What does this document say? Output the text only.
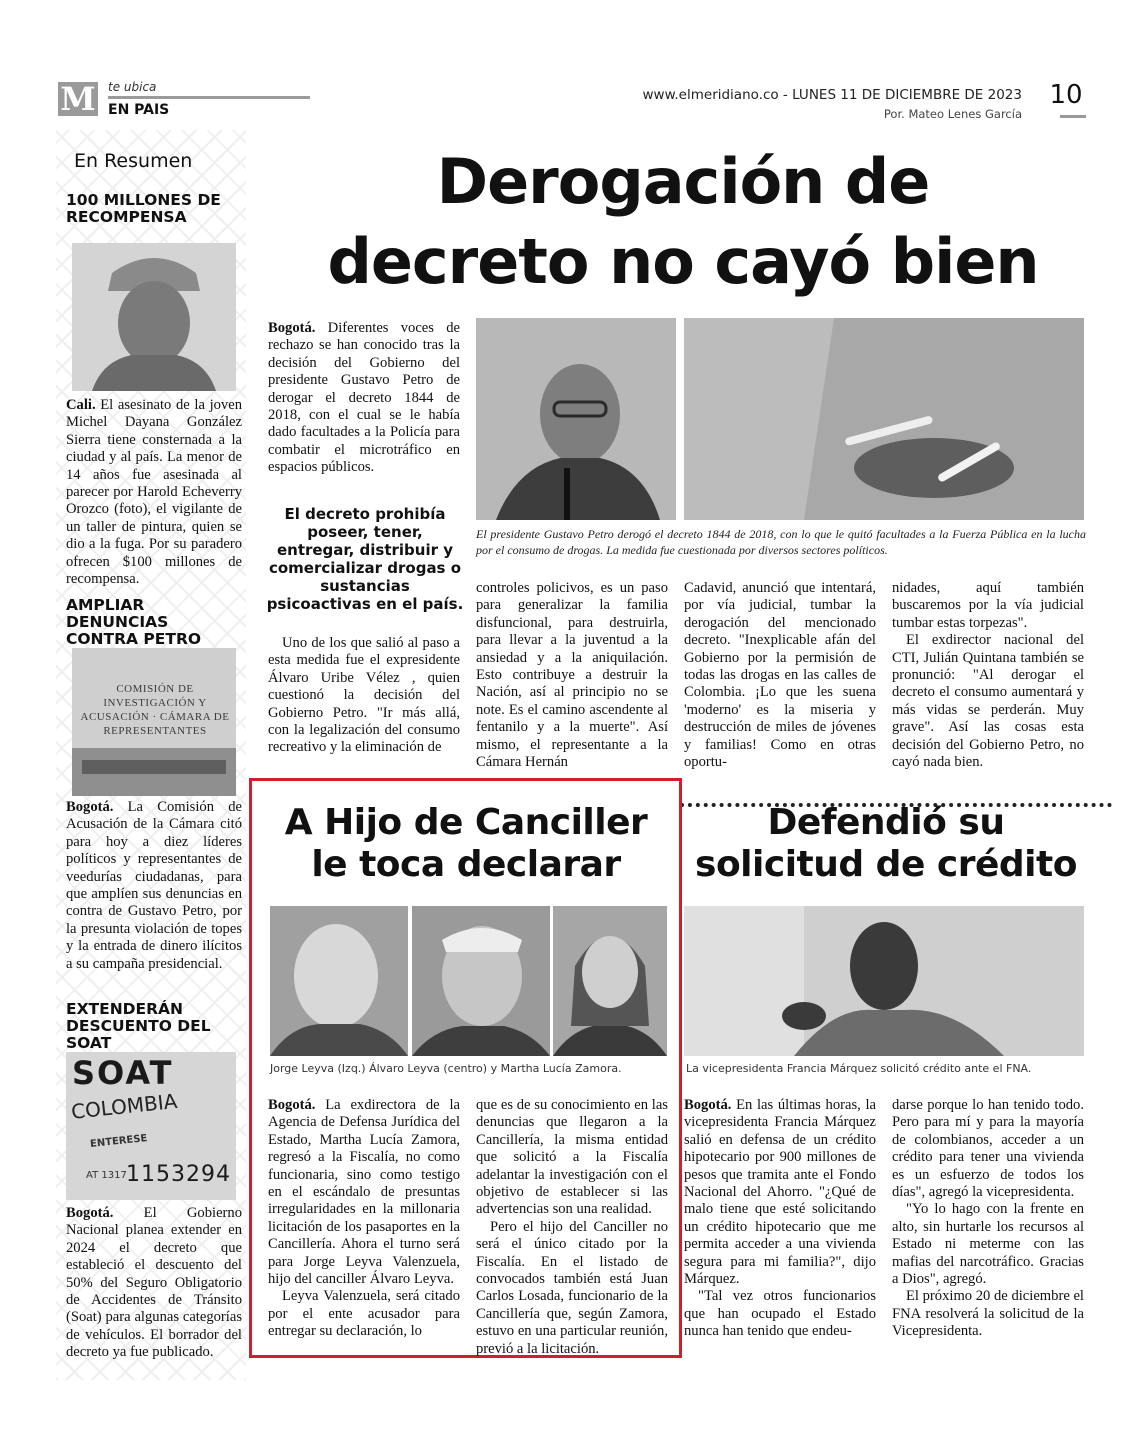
M te ubica
EN PAIS
www.elmeridiano.co - LUNES 11 DE DICIEMBRE DE 2023
Por. Mateo Lenes García
10
En Resumen
100 MILLONES DE RECOMPENSA

Cali. El asesinato de la joven Michel Dayana González Sierra tiene consternada a la ciudad y al país. La menor de 14 años fue asesinada al parecer por Harold Echeverry Orozco (foto), el vigilante de un taller de pintura, quien se dio a la fuga. Por su paradero ofrecen $100 millones de recompensa.

AMPLIAR DENUNCIAS CONTRA PETRO
COMISIÓN DE INVESTIGACIÓN Y ACUSACIÓN · CÁMARA DE REPRESENTANTES

Bogotá. La Comisión de Acusación de la Cámara citó para hoy a diez líderes políticos y representantes de veedurías ciudadanas, para que amplíen sus denuncias en contra de Gustavo Petro, por la presunta violación de topes y la entrada de dinero ilícitos a su campaña presidencial.

EXTENDERÁN DESCUENTO DEL SOAT
SOAT
COLOMBIA
ENTERESE
AT 1317 1153294

Bogotá. El Gobierno Nacional planea extender en 2024 el decreto que estableció el descuento del 50% del Seguro Obligatorio de Accidentes de Tránsito (Soat) para algunas categorías de vehículos. El borrador del decreto ya fue publicado.

Derogación de
decreto no cayó bien

Bogotá. Diferentes voces de rechazo se han conocido tras la decisión del Gobierno del presidente Gustavo Petro de derogar el decreto 1844 de 2018, con el cual se le había dado facultades a la Policía para combatir el microtráfico en espacios públicos.

El decreto prohibía poseer, tener, entregar, distribuir y comercializar drogas o sustancias psicoactivas en el país.
El presidente Gustavo Petro derogó el decreto 1844 de 2018, con lo que le quitó facultades a la Fuerza Pública en la lucha por el consumo de drogas. La medida fue cuestionada por diversos sectores políticos.

Uno de los que salió al paso a esta medida fue el expresidente Álvaro Uribe Vélez , quien cuestionó la decisión del Gobierno Petro. "Ir más allá, con la legalización del consumo recreativo y la eliminación de

controles policivos, es un paso para generalizar la familia disfuncional, para destruirla, para llevar a la juventud a la ansiedad y a la aniquilación. Esto contribuye a destruir la Nación, así al principio no se note. Es el camino ascendente al fentanilo y a la muerte". Así mismo, el representante a la Cámara Hernán

Cadavid, anunció que intentará, por vía judicial, tumbar la derogación del mencionado decreto. "Inexplicable afán del Gobierno por la permisión de todas las drogas en las calles de Colombia. ¡Lo que les suena 'moderno' es la miseria y destrucción de miles de jóvenes y familias! Como en otras oportu-

nidades, aquí también buscaremos por la vía judicial tumbar estas torpezas".

El exdirector nacional del CTI, Julián Quintana también se pronunció: "Al derogar el decreto el consumo aumentará y más vidas se perderán. Muy grave". Así las cosas esta decisión del Gobierno Petro, no cayó nada bien.

A Hijo de Canciller
le toca declarar
Jorge Leyva (Izq.) Álvaro Leyva (centro) y Martha Lucía Zamora.

Bogotá. La exdirectora de la Agencia de Defensa Jurídica del Estado, Martha Lucía Zamora, regresó a la Fiscalía, no como funcionaria, sino como testigo en el escándalo de presuntas irregularidades en la millonaria licitación de los pasaportes en la Cancillería. Ahora el turno será para Jorge Leyva Valenzuela, hijo del canciller Álvaro Leyva.

Leyva Valenzuela, será citado por el ente acusador para entregar su declaración, lo

que es de su conocimiento en las denuncias que llegaron a la Cancillería, la misma entidad que solicitó a la Fiscalía adelantar la investigación con el objetivo de establecer si las advertencias son una realidad.

Pero el hijo del Canciller no será el único citado por la Fiscalía. En el listado de convocados también está Juan Carlos Losada, funcionario de la Cancillería que, según Zamora, estuvo en una particular reunión, previó a la licitación.

Defendió su
solicitud de crédito
La vicepresidenta Francia Márquez solicitó crédito ante el FNA.

Bogotá. En las últimas horas, la vicepresidenta Francia Márquez salió en defensa de un crédito hipotecario por 900 millones de pesos que tramita ante el Fondo Nacional del Ahorro. "¿Qué de malo tiene que esté solicitando un crédito hipotecario que me permita acceder a una vivienda segura para mi familia?", dijo Márquez.

"Tal vez otros funcionarios que han ocupado el Estado nunca han tenido que endeu-

darse porque lo han tenido todo. Pero para mí y para la mayoría de colombianos, acceder a un crédito para tener una vivienda es un esfuerzo de todos los días", agregó la vicepresidenta.

"Yo lo hago con la frente en alto, sin hurtarle los recursos al Estado ni meterme con las mafias del narcotráfico. Gracias a Dios", agregó.

El próximo 20 de diciembre el FNA resolverá la solicitud de la Vicepresidenta.
